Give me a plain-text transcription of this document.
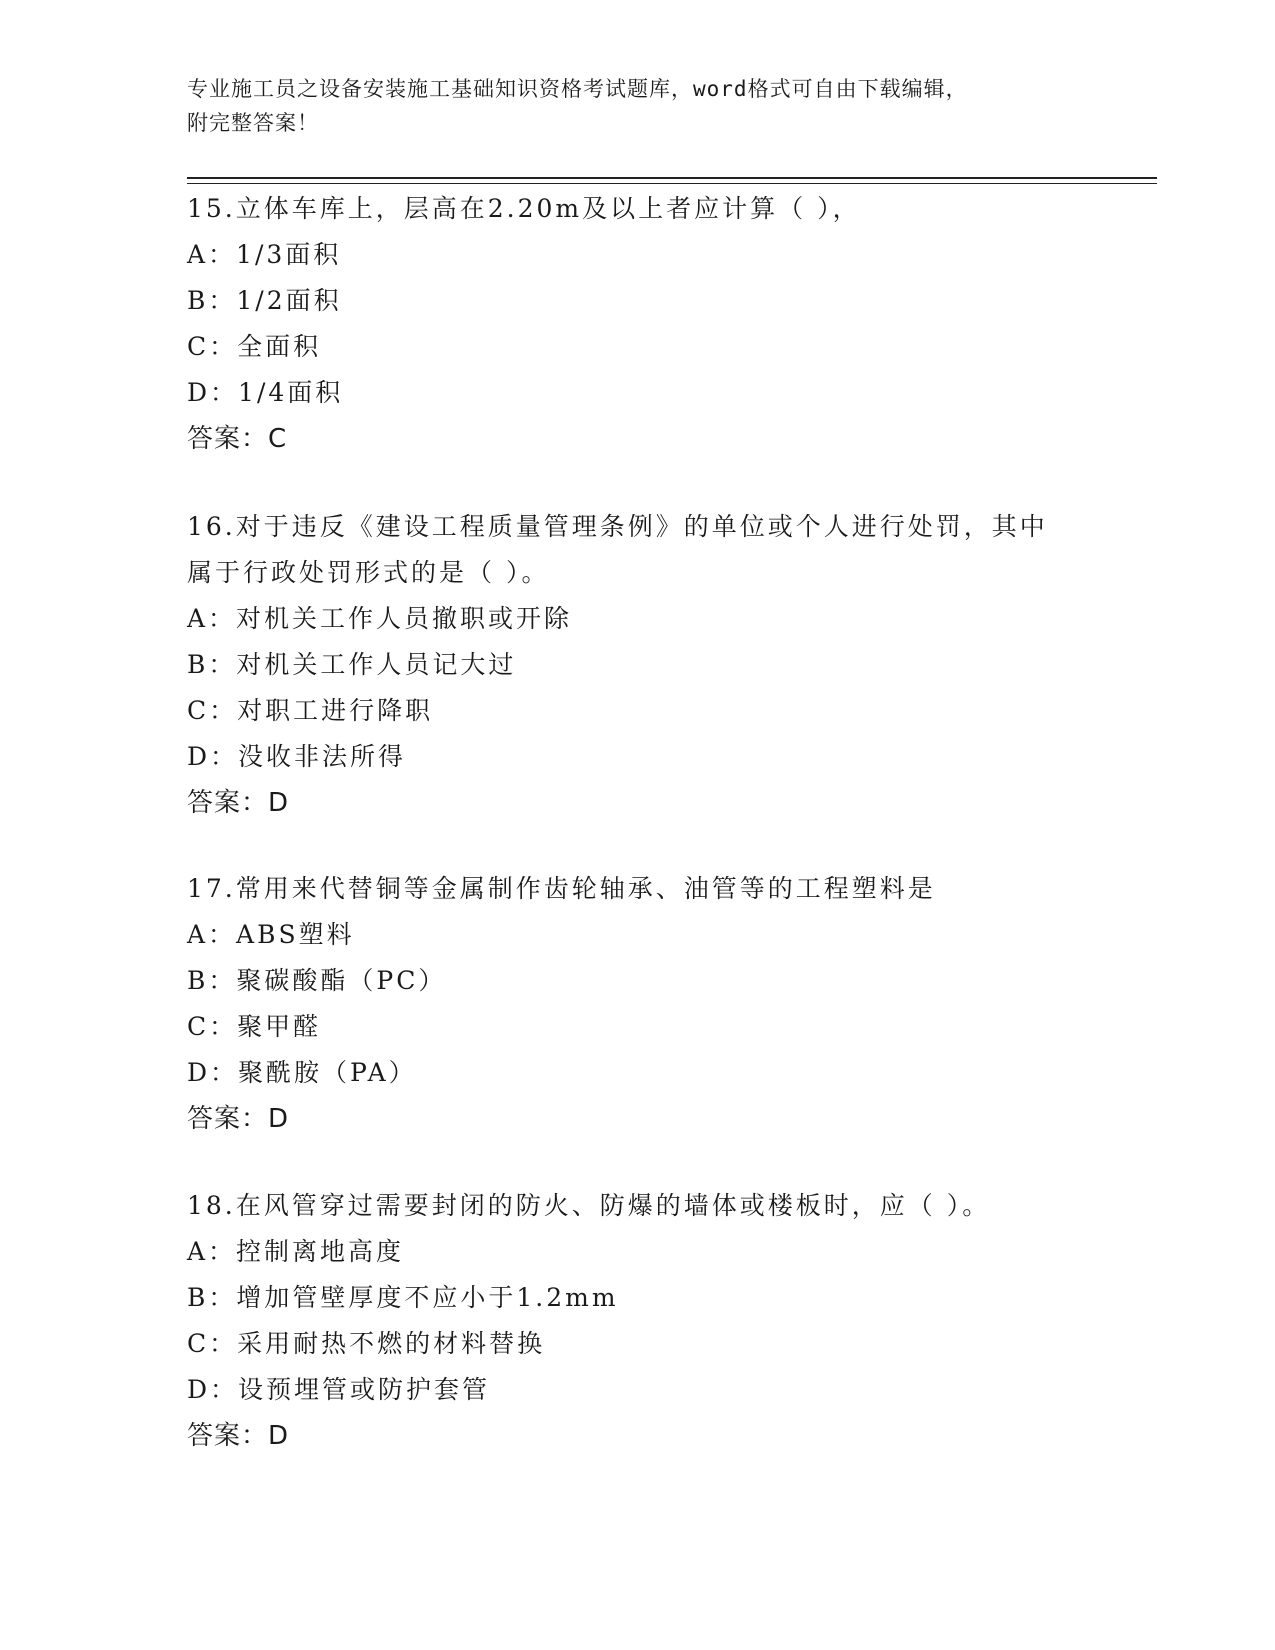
专业施工员之设备安装施工基础知识资格考试题库，word格式可自由下载编辑，
附完整答案！
15.立体车库上，层高在2.20m及以上者应计算（ ），
A：1/3面积
B：1/2面积
C：全面积
D：1/4面积
答案：C
16.对于违反《建设工程质量管理条例》的单位或个人进行处罚，其中属于行政处罚形式的是（ ）。
A：对机关工作人员撤职或开除
B：对机关工作人员记大过
C：对职工进行降职
D：没收非法所得
答案：D
17.常用来代替铜等金属制作齿轮轴承、油管等的工程塑料是
A：ABS塑料
B：聚碳酸酯（PC）
C：聚甲醛
D：聚酰胺（PA）
答案：D
18.在风管穿过需要封闭的防火、防爆的墙体或楼板时，应（ ）。
A：控制离地高度
B：增加管壁厚度不应小于1.2mm
C：采用耐热不燃的材料替换
D：设预埋管或防护套管
答案：D
